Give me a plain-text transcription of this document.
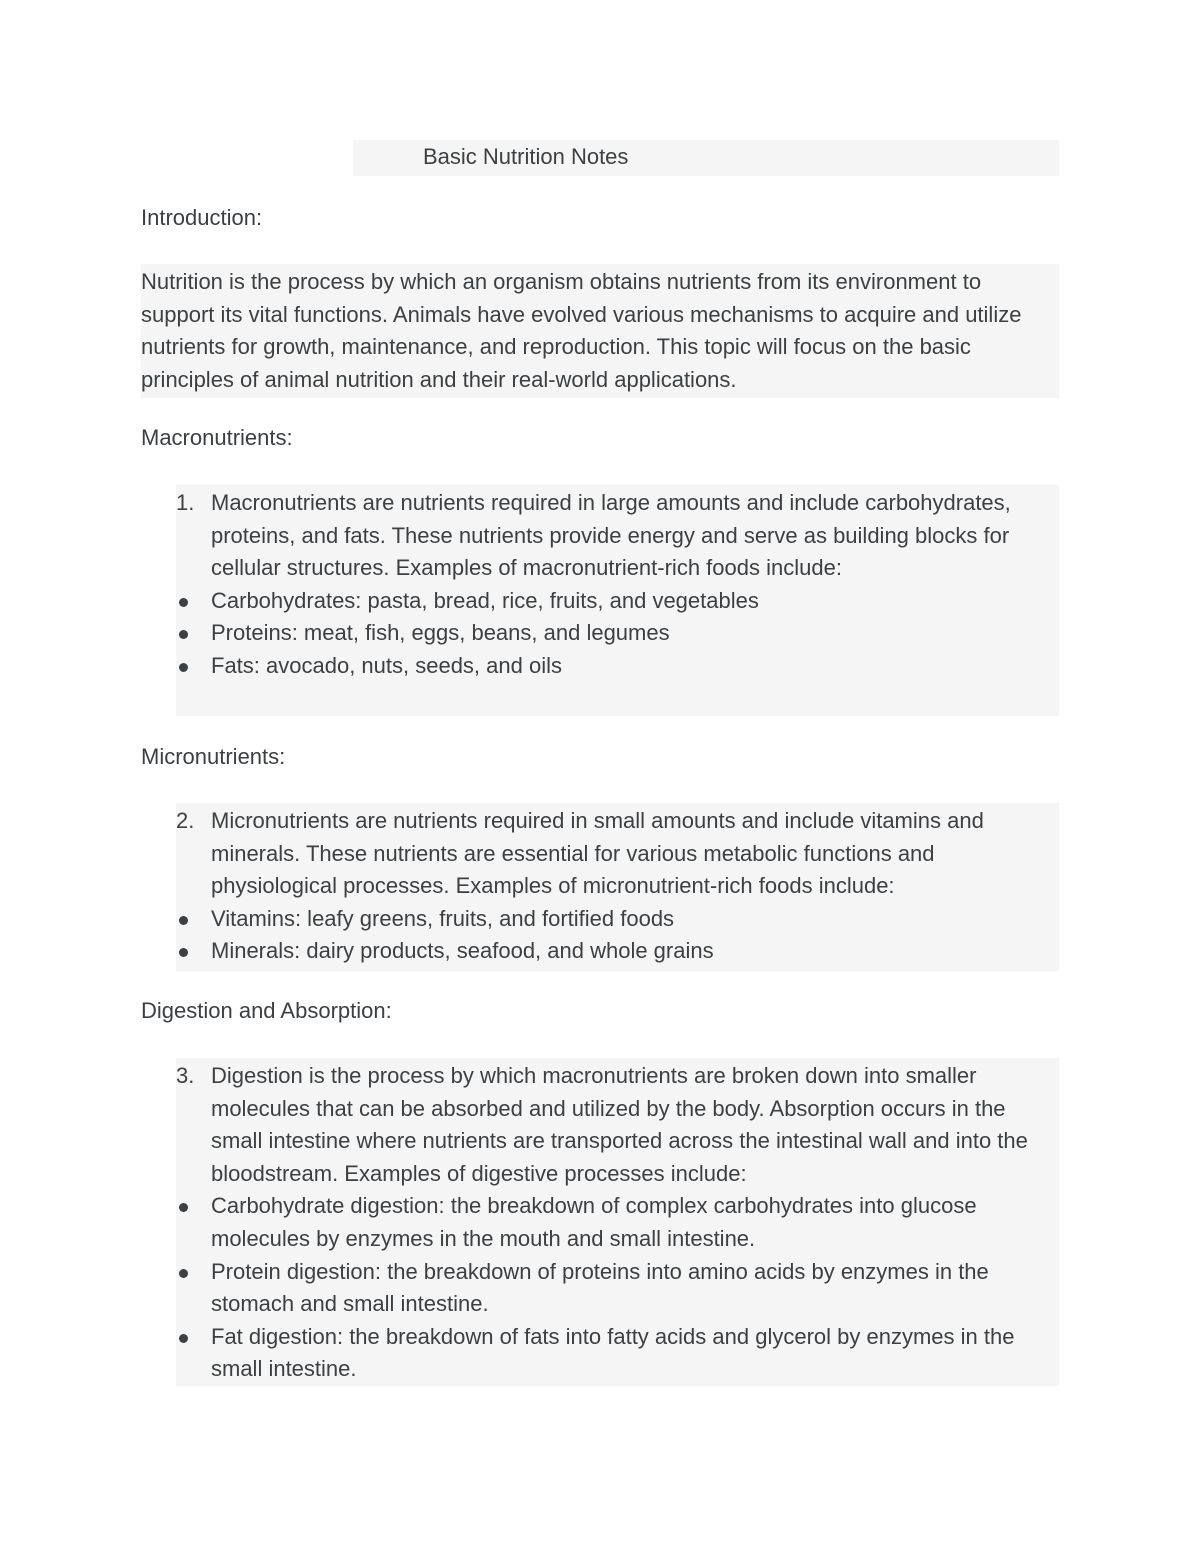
Basic Nutrition Notes
Introduction:

Nutrition is the process by which an organism obtains nutrients from its environment to support its vital functions. Animals have evolved various mechanisms to acquire and utilize nutrients for growth, maintenance, and reproduction. This topic will focus on the basic principles of animal nutrition and their real-world applications.

Macronutrients:
1. Macronutrients are nutrients required in large amounts and include carbohydrates, proteins, and fats. These nutrients provide energy and serve as building blocks for cellular structures. Examples of macronutrient-rich foods include:
Carbohydrates: pasta, bread, rice, fruits, and vegetables
Proteins: meat, fish, eggs, beans, and legumes
Fats: avocado, nuts, seeds, and oils
Micronutrients:
2. Micronutrients are nutrients required in small amounts and include vitamins and minerals. These nutrients are essential for various metabolic functions and physiological processes. Examples of micronutrient-rich foods include:
Vitamins: leafy greens, fruits, and fortified foods
Minerals: dairy products, seafood, and whole grains
Digestion and Absorption:
3. Digestion is the process by which macronutrients are broken down into smaller molecules that can be absorbed and utilized by the body. Absorption occurs in the small intestine where nutrients are transported across the intestinal wall and into the bloodstream. Examples of digestive processes include:
Carbohydrate digestion: the breakdown of complex carbohydrates into glucose molecules by enzymes in the mouth and small intestine.
Protein digestion: the breakdown of proteins into amino acids by enzymes in the stomach and small intestine.
Fat digestion: the breakdown of fats into fatty acids and glycerol by enzymes in the small intestine.
